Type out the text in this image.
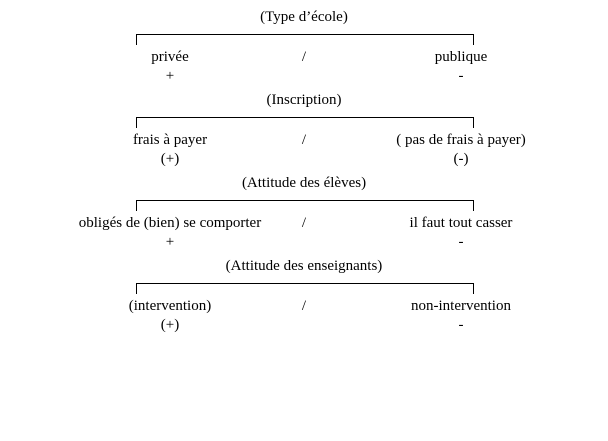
(Type d’école)
privée	/	publique
+	-
(Inscription)
frais à payer	/	( pas de frais à payer)
(+)	(-)
(Attitude des élèves)
obligés de (bien) se comporter	/	il faut tout casser
+	-
(Attitude des enseignants)
(intervention)	/	non-intervention
(+)	-
